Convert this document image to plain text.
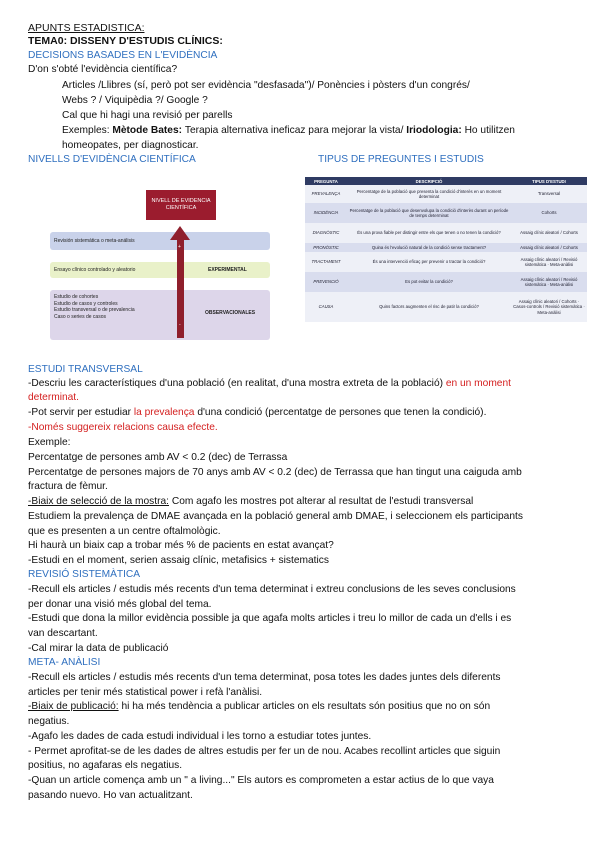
APUNTS ESTADISTICA:
TEMA0: DISSENY D'ESTUDIS CLÍNICS:
DECISIONS BASADES EN L'EVIDÈNCIA
D'on s'obté l'evidència científica?
Articles /Llibres (sí, però pot ser evidència "desfasada")/ Ponències i pòsters d'un congrés/
Webs ? / Viquipèdia ?/ Google ?
Cal que hi hagi una revisió per parells
Exemples: Mètode Bates: Terapia alternativa ineficaz para mejorar la vista/ Iriodologia: Ho utilitzen
homeopates, per diagnosticar.
NIVELLS D'EVIDÈNCIA CIENTÍFICA	TIPUS DE PREGUNTES I ESTUDIS
Revisión sistemática o meta-análisis
Ensayo clínico controlado y aleatorio	EXPERIMENTAL
Estudio de cohortes
Estudio de casos y controles
Estudio transversal o de prevalencia
Caso o series de casos
OBSERVACIONALES
+
-
NIVELL DE EVIDENCIA CIENTÍFICA
PREGUNTA	DESCRIPCIÓ	TIPUS D'ESTUDI
PREVALENÇA	Percentatge de la població que presenta la condició d'interès en un moment determinat	Transversal
INCIDÈNCIA	Percentatge de la població que desenvolupa la condició d'interès durant un període de temps determinat	Cohorts
DIAGNÒSTIC	És una prova fiable per distingir entre els que tenen o no tenen la condició?	Assaig clínic aleatori / Cohorts
PRONÒSTIC	Quina és l'evolució natural de la condició sense tractament?	Assaig clínic aleatori / Cohorts
TRACTAMENT	És una intervenció eficaç per prevenir o tractar la condició?	Assaig clínic aleatori / Revisió sistemàtica · Meta-anàlisi
PREVENCIÓ	Es pot evitar la condició?	Assaig clínic aleatori / Revisió sistemàtica · Meta-anàlisi
CAUSA	Quins factors augmenten el risc de patir la condició?	Assaig clínic aleatori / Cohorts · Casos-controls / Revisió sistemàtica · Meta-anàlisi
ESTUDI TRANSVERSAL
-Descriu les característiques d'una població (en realitat, d'una mostra extreta de la població) en un moment
determinat.
-Pot servir per estudiar la prevalença d'una condició (percentatge de persones que tenen la condició).
-Només suggereix relacions causa efecte.
Exemple:
Percentatge de persones amb AV < 0.2 (dec) de Terrassa
Percentatge de persones majors de 70 anys amb AV < 0.2 (dec) de Terrassa que han tingut una caiguda amb
fractura de fèmur.
-Biaix de selecció de la mostra: Com agafo les mostres pot alterar al resultat de l'estudi transversal
Estudiem la prevalença de DMAE avançada en la població general amb DMAE, i seleccionem els participants
que es presenten a un centre oftalmològic.
Hi haurà un biaix cap a trobar més % de pacients en estat avançat?
-Estudi en el moment, serien assaig clínic, metafisics + sistematics
REVISIÓ SISTEMÀTICA
-Recull els articles / estudis més recents d'un tema determinat i extreu conclusions de les seves conclusions
per donar una visió més global del tema.
-Estudi que dona la millor evidència possible ja que agafa molts articles i treu lo millor de cada un d'ells i es
van descartant.
-Cal mirar la data de publicació
META- ANÀLISI
-Recull els articles / estudis més recents d'un tema determinat, posa totes les dades juntes dels diferents
articles per tenir més statistical power i refà l'anàlisi.
-Biaix de publicació: hi ha més tendència a publicar articles on els resultats són positius que no on són
negatius.
-Agafo les dades de cada estudi individual i les torno a estudiar totes juntes.
- Permet aprofitat-se de les dades de altres estudis per fer un de nou. Acabes recollint articles que siguin
positius, no agafaras els negatius.
-Quan un article comença amb un " a living..." Els autors es comprometen a estar actius de lo que vaya
pasando nuevo. Ho van actualitzant.
